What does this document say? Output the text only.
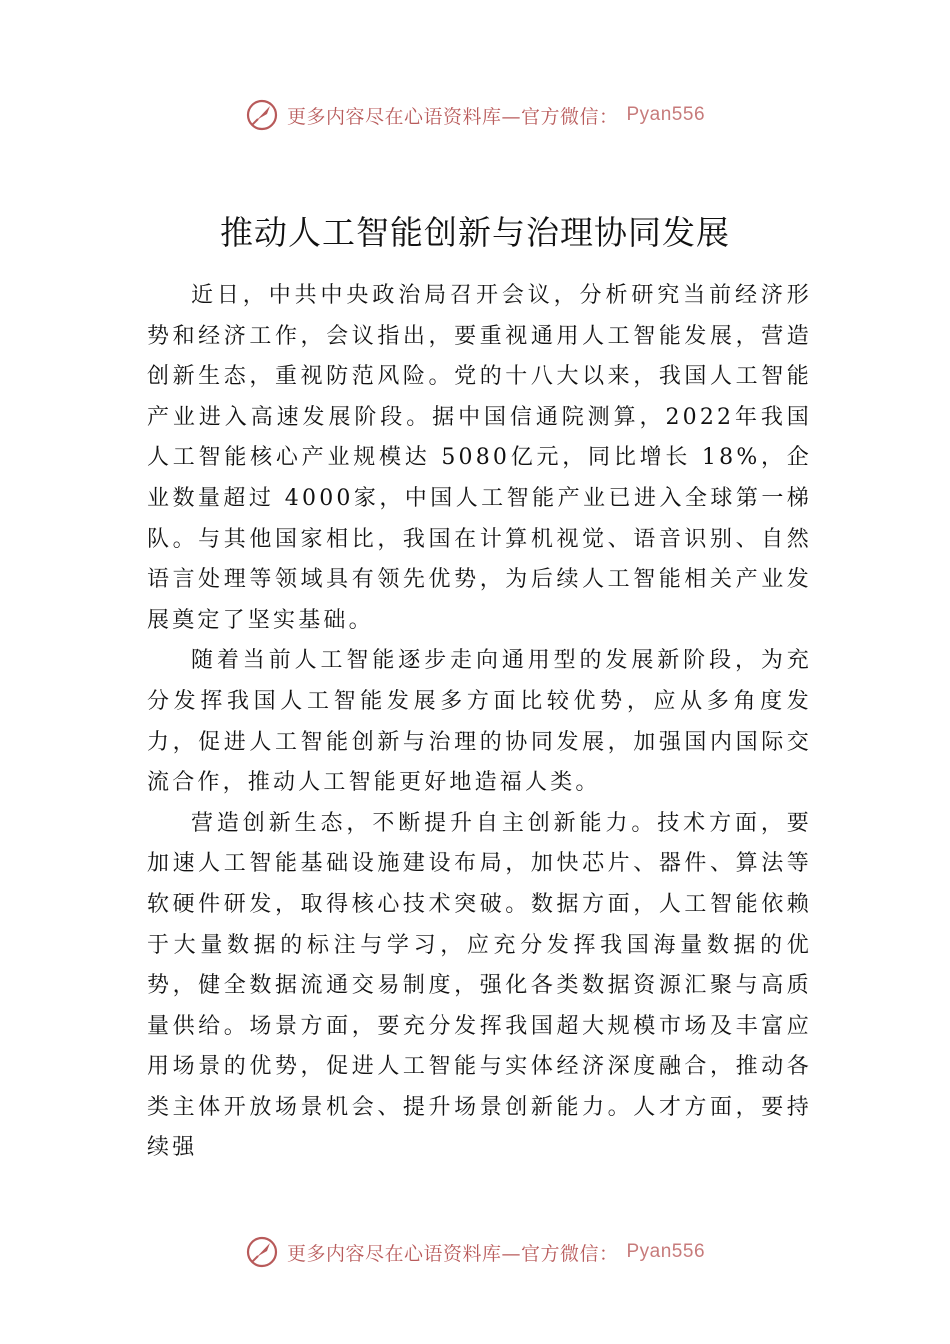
更多内容尽在心语资料库—官方微信： Pyan556
推动人工智能创新与治理协同发展

近日，中共中央政治局召开会议，分析研究当前经济形势和经济工作，会议指出，要重视通用人工智能发展，营造创新生态，重视防范风险。党的十八大以来，我国人工智能产业进入高速发展阶段。据中国信通院测算，2022年我国人工智能核心产业规模达 5080亿元，同比增长 18%，企业数量超过 4000家，中国人工智能产业已进入全球第一梯队。与其他国家相比，我国在计算机视觉、语音识别、自然语言处理等领域具有领先优势，为后续人工智能相关产业发展奠定了坚实基础。

随着当前人工智能逐步走向通用型的发展新阶段，为充分发挥我国人工智能发展多方面比较优势，应从多角度发力，促进人工智能创新与治理的协同发展，加强国内国际交流合作，推动人工智能更好地造福人类。

营造创新生态，不断提升自主创新能力。技术方面，要加速人工智能基础设施建设布局，加快芯片、器件、算法等软硬件研发，取得核心技术突破。数据方面，人工智能依赖于大量数据的标注与学习，应充分发挥我国海量数据的优势，健全数据流通交易制度，强化各类数据资源汇聚与高质量供给。场景方面，要充分发挥我国超大规模市场及丰富应用场景的优势，促进人工智能与实体经济深度融合，推动各类主体开放场景机会、提升场景创新能力。人才方面，要持续强

更多内容尽在心语资料库—官方微信： Pyan556
